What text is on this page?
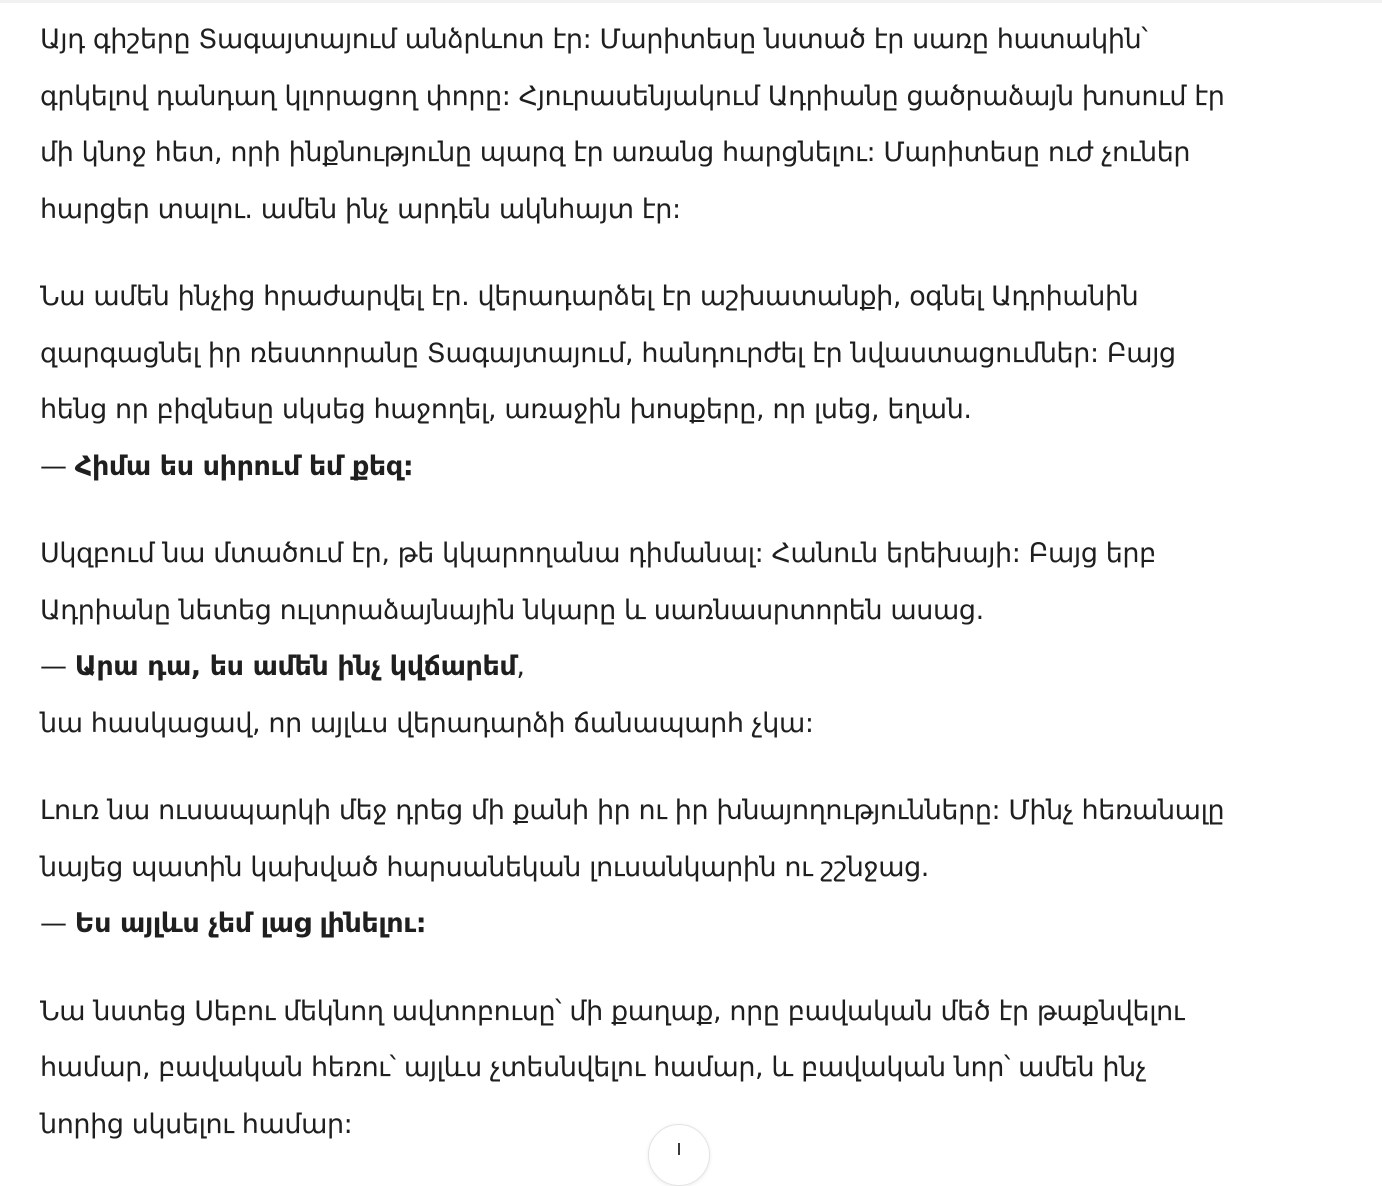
Այդ գիշերը Տագայտայում անձրևոտ էր: Մարիտեսը նստած էր սառը հատակին՝
գրկելով դանդաղ կլորացող փորը: Հյուրասենյակում Ադրիանը ցածրաձայն խոսում էր
մի կնոջ հետ, որի ինքնությունը պարզ էր առանց հարցնելու: Մարիտեսը ուժ չուներ
հարցեր տալու. ամեն ինչ արդեն ակնհայտ էր:
Նա ամեն ինչից հրաժարվել էր. վերադարձել էր աշխատանքի, օգնել Ադրիանին
զարգացնել իր ռեստորանը Տագայտայում, հանդուրժել էր նվաստացումներ: Բայց
հենց որ բիզնեսը սկսեց հաջողել, առաջին խոսքերը, որ լսեց, եղան.
— Հիմա ես սիրում եմ քեզ:
Սկզբում նա մտածում էր, թե կկարողանա դիմանալ: Հանուն երեխայի: Բայց երբ
Ադրիանը նետեց ուլտրաձայնային նկարը և սառնասրտորեն ասաց.
— Արա դա, ես ամեն ինչ կվճարեմ,
նա հասկացավ, որ այլևս վերադարձի ճանապարհ չկա:
Լուռ նա ուսապարկի մեջ դրեց մի քանի իր ու իր խնայողությունները: Մինչ հեռանալը
նայեց պատին կախված հարսանեկան լուսանկարին ու շշնջաց.
— Ես այլևս չեմ լաց լինելու:
Նա նստեց Սեբու մեկնող ավտոբուսը՝ մի քաղաք, որը բավական մեծ էր թաքնվելու
համար, բավական հեռու՝ այլևս չտեսնվելու համար, և բավական նոր՝ ամեն ինչ
նորից սկսելու համար:
